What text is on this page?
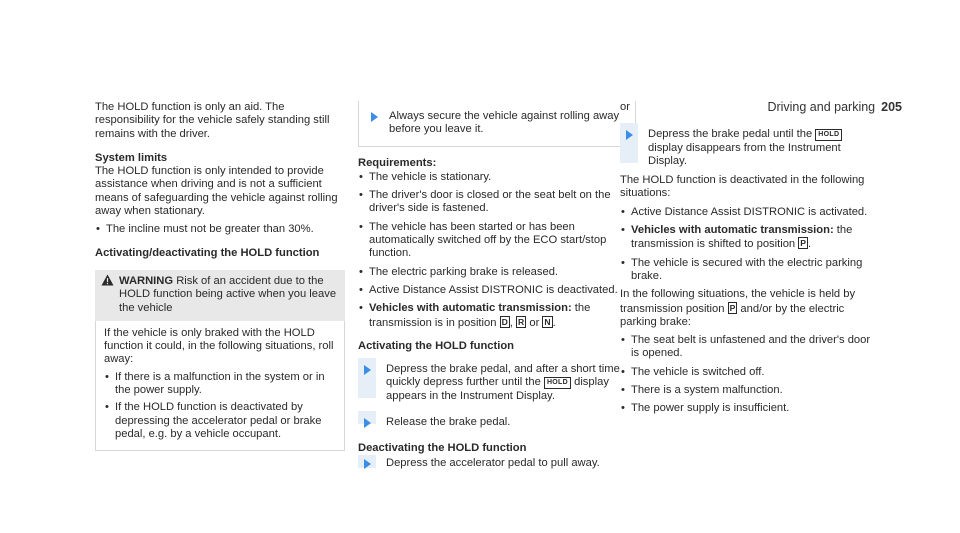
Driving and parking 205

The HOLD function is only an aid. The responsibility for the vehicle safely standing still remains with the driver.

System limits

The HOLD function is only intended to provide assistance when driving and is not a sufficient means of safeguarding the vehicle against rolling away when stationary.

• The incline must not be greater than 30%.

Activating/deactivating the HOLD function

WARNING Risk of an accident due to the HOLD function being active when you leave the vehicle

If the vehicle is only braked with the HOLD function it could, in the following situations, roll away:

• If there is a malfunction in the system or in the power supply.
• If the HOLD function is deactivated by depressing the accelerator pedal or brake pedal, e.g. by a vehicle occupant.
Always secure the vehicle against rolling away before you leave it.

Requirements:

• The vehicle is stationary.
• The driver's door is closed or the seat belt on the driver's side is fastened.
• The vehicle has been started or has been automatically switched off by the ECO start/stop function.
• The electric parking brake is released.
• Active Distance Assist DISTRONIC is deactivated.
• Vehicles with automatic transmission: the transmission is in position D , R or N .

Activating the HOLD function

Depress the brake pedal, and after a short time quickly depress further until the HOLD display appears in the Instrument Display.
Release the brake pedal.

Deactivating the HOLD function

Depress the accelerator pedal to pull away.

or

Depress the brake pedal until the HOLD display disappears from the Instrument Display.

The HOLD function is deactivated in the following situations:

• Active Distance Assist DISTRONIC is activated.
• Vehicles with automatic transmission: the transmission is shifted to position P .
• The vehicle is secured with the electric parking brake.

In the following situations, the vehicle is held by transmission position P and/or by the electric parking brake:

• The seat belt is unfastened and the driver's door is opened.
• The vehicle is switched off.
• There is a system malfunction.
• The power supply is insufficient.
